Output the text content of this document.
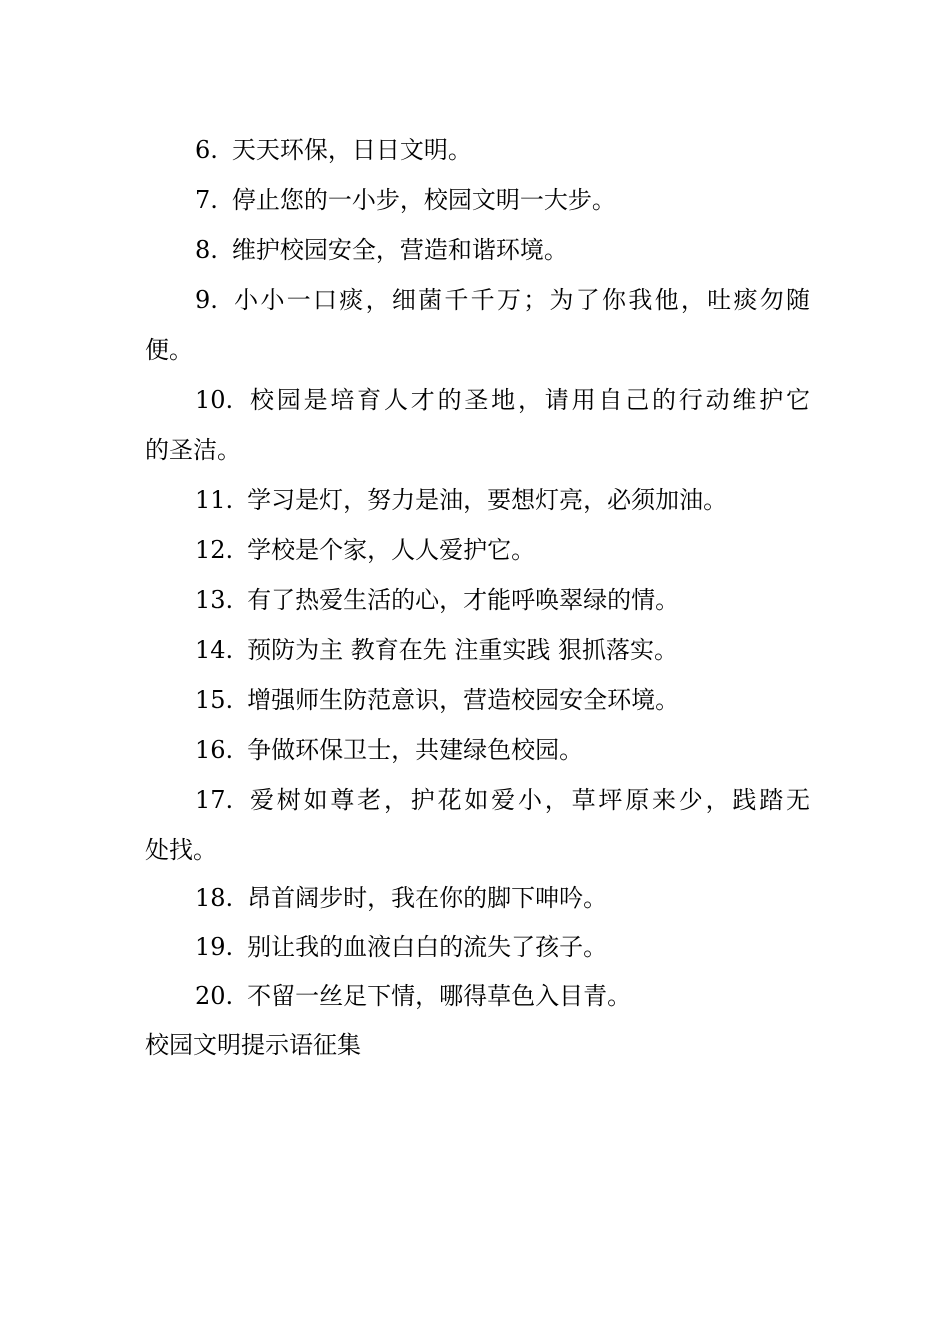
6. 天天环保，日日文明。
7. 停止您的一小步，校园文明一大步。
8. 维护校园安全，营造和谐环境。
9. 小小一口痰，细菌千千万；为了你我他，吐痰勿随
便。
10. 校园是培育人才的圣地，请用自己的行动维护它
的圣洁。
11. 学习是灯，努力是油，要想灯亮，必须加油。
12. 学校是个家，人人爱护它。
13. 有了热爱生活的心，才能呼唤翠绿的情。
14. 预防为主 教育在先 注重实践 狠抓落实。
15. 增强师生防范意识，营造校园安全环境。
16. 争做环保卫士，共建绿色校园。
17. 爱树如尊老，护花如爱小，草坪原来少，践踏无
处找。
18. 昂首阔步时，我在你的脚下呻吟。
19. 别让我的血液白白的流失了孩子。
20. 不留一丝足下情，哪得草色入目青。
校园文明提示语征集
